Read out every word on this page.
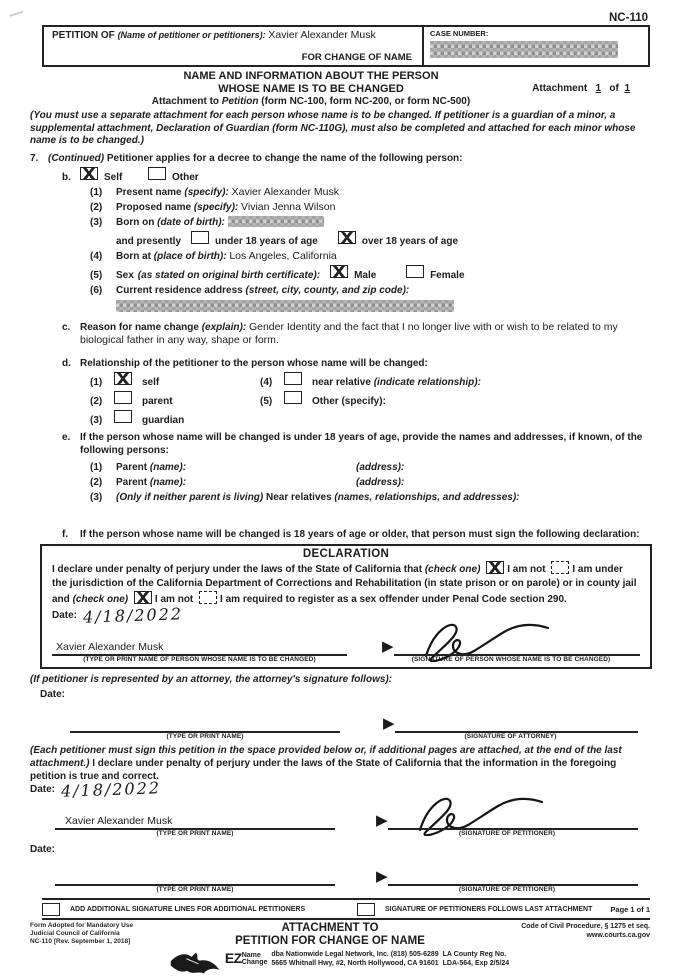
NC-110
PETITION OF (Name of petitioner or petitioners): Xavier Alexander Musk
FOR CHANGE OF NAME
CASE NUMBER:
NAME AND INFORMATION ABOUT THE PERSON
WHOSE NAME IS TO BE CHANGED	Attachment 1 of 1
Attachment to Petition (form NC-100, form NC-200, or form NC-500)
(You must use a separate attachment for each person whose name is to be changed. If petitioner is a guardian of a minor, a supplemental attachment, Declaration of Guardian (form NC-110G), must also be completed and attached for each minor whose name is to be changed.)
7. (Continued) Petitioner applies for a decree to change the name of the following person:
b.	Self	Other
(1)	Present name (specify): Xavier Alexander Musk
(2)	Proposed name (specify): Vivian Jenna Wilson
(3)	Born on (date of birth):
and presently	under 18 years of age	over 18 years of age
(4)	Born at (place of birth): Los Angeles, California
(5)	Sex (as stated on original birth certificate):	Male	Female
(6)	Current residence address (street, city, county, and zip code):
c. Reason for name change (explain): Gender Identity and the fact that I no longer live with or wish to be related to my biological father in any way, shape or form.
d. Relationship of the petitioner to the person whose name will be changed:
(1)	self	(4)	near relative (indicate relationship):
(2)	parent	(5)	Other (specify):
(3)	guardian
e. If the person whose name will be changed is under 18 years of age, provide the names and addresses, if known, of the following persons:
(1)	Parent (name):	(address):
(2)	Parent (name):	(address):
(3)	(Only if neither parent is living) Near relatives (names, relationships, and addresses):
f.	If the person whose name will be changed is 18 years of age or older, that person must sign the following declaration:
DECLARATION
I declare under penalty of perjury under the laws of the State of California that (check one)	I am not	I am under the jurisdiction of the California Department of Corrections and Rehabilitation (in state prison or on parole) or in county jail and (check one)	I am not	I am required to register as a sex offender under Penal Code section 290.
Date: 4/18/2022
Xavier Alexander Musk
(TYPE OR PRINT NAME OF PERSON WHOSE NAME IS TO BE CHANGED)
▶	(SIGNATURE OF PERSON WHOSE NAME IS TO BE CHANGED)
(If petitioner is represented by an attorney, the attorney's signature follows):
Date:
(TYPE OR PRINT NAME)
▶	(SIGNATURE OF ATTORNEY)
(Each petitioner must sign this petition in the space provided below or, if additional pages are attached, at the end of the last attachment.) I declare under penalty of perjury under the laws of the State of California that the information in the foregoing petition is true and correct.
Date: 4/18/2022
Xavier Alexander Musk
(TYPE OR PRINT NAME)
▶	(SIGNATURE OF PETITIONER)
Date:
(TYPE OR PRINT NAME)
▶	(SIGNATURE OF PETITIONER)
ADD ADDITIONAL SIGNATURE LINES FOR ADDITIONAL PETITIONERS	SIGNATURE OF PETITIONERS FOLLOWS LAST ATTACHMENT Page 1 of 1
Form Adopted for Mandatory Use
Judicial Council of California
NC-110 [Rev. September 1, 2018]
ATTACHMENT TO
PETITION FOR CHANGE OF NAME
Code of Civil Procedure, § 1275 et seq.
www.courts.ca.gov
EZ Name
Change
dba Nationwide Legal Network, Inc. (818) 505-6289
5665 Whitnall Hwy, #2, North Hollywood, CA 91601
LA County Reg No.
LDA-564, Exp 2/5/24
